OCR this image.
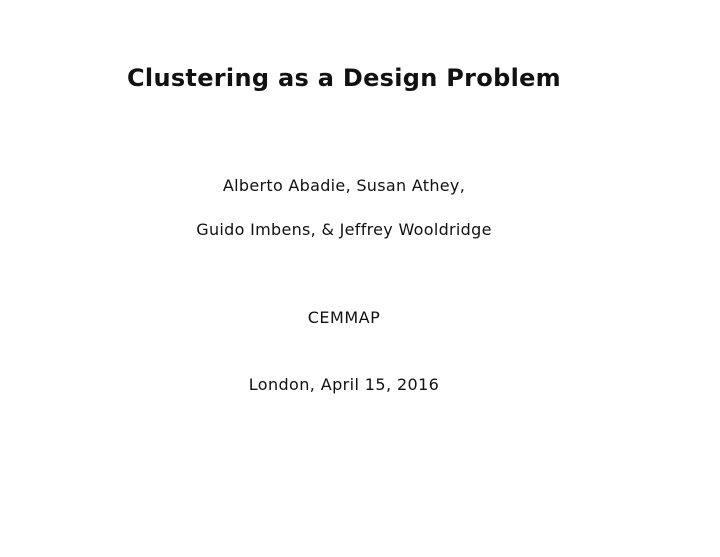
Clustering as a Design Problem
Alberto Abadie, Susan Athey,
Guido Imbens, & Jeffrey Wooldridge
CEMMAP
London, April 15, 2016
